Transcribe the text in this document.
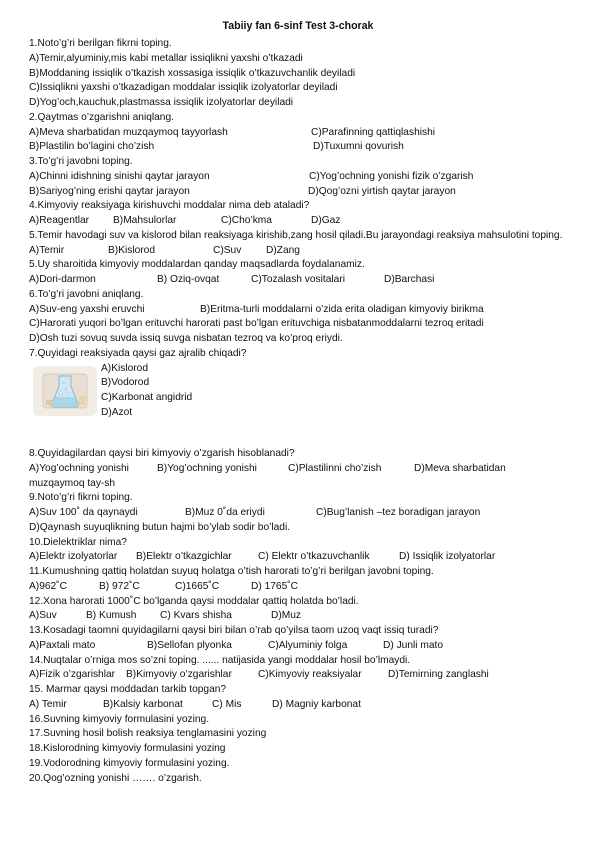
Tabiiy fan 6-sinf Test 3-chorak
1.Noto’g’ri berilgan fikrni toping.
A)Temir,alyuminiy,mis kabi metallar issiqlikni yaxshi o’tkazadi
B)Moddaning issiqlik o’tkazish xossasiga issiqlik o’tkazuvchanlik deyiladi
C)Issiqlikni yaxshi o’tkazadigan moddalar issiqlik izolyatorlar deyiladi
D)Yog’och,kauchuk,plastmassa issiqlik izolyatorlar deyiladi
2.Qaytmas o’zgarishni aniqlang.
A)Meva sharbatidan muzqaymoq tayyorlash	C)Parafinning qattiqlashishi
B)Plastilin bo’lagini cho’zish	D)Tuxumni qovurish
3.To’g’ri javobni toping.
A)Chinni idishning sinishi qaytar jarayon	C)Yog’ochning yonishi fizik o’zgarish
B)Sariyog’ning erishi qaytar jarayon	D)Qog’ozni yirtish qaytar jarayon
4.Kimyoviy reaksiyaga kirishuvchi moddalar nima deb ataladi?
A)Reagentlar B)Mahsulorlar	C)Cho’kma	D)Gaz
5.Temir havodagi suv va kislorod bilan reaksiyaga kirishib,zang hosil qiladi.Bu jarayondagi reaksiya mahsulotini toping.
A)Temir	B)Kislorod	C)Suv D)Zang
5.Uy sharoitida kimyoviy moddalardan qanday maqsadlarda foydalanamiz.
A)Dori-darmon	B) Oziq-ovqat	C)Tozalash vositalari	D)Barchasi
6.To’g’ri javobni aniqlang.
A)Suv-eng yaxshi eruvchi	B)Eritma-turli moddalarni o’zida erita oladigan kimyoviy birikma
C)Harorati yuqori bo’lgan erituvchi harorati past bo’lgan erituvchiga nisbatanmoddalarni tezroq eritadi
D)Osh tuzi sovuq suvda issiq suvga nisbatan tezroq va ko’proq eriydi.
7.Quyidagi reaksiyada qaysi gaz ajralib chiqadi?
A)Kislorod
B)Vodorod
C)Karbonat angidrid
D)Azot
8.Quyidagilardan qaysi biri kimyoviy o’zgarish hisoblanadi?
A)Yog’ochning yonishi	B)Yog’ochning yonishi	C)Plastilinni cho’zish	D)Meva sharbatidan
muzqaymoq tay-sh
9.Noto’g’ri fikrni toping.
A)Suv 100˚ da qaynaydi	B)Muz 0˚da eriydi	C)Bug’lanish –tez boradigan jarayon
D)Qaynash suyuqlikning butun hajmi bo’ylab sodir bo’ladi.
10.Dielektriklar nima?
A)Elektr izolyatorlar B)Elektr o’tkazgichlar	C) Elektr o’tkazuvchanlik	D) Issiqlik izolyatorlar
11.Kumushning qattiq holatdan suyuq holatga o’tish harorati to’g’ri berilgan javobni toping.
A)962˚C	B) 972˚C	C)1665˚C	D) 1765˚C
12.Xona harorati 1000˚C bo’lganda qaysi moddalar qattiq holatda bo’ladi.
A)Suv	B) Kumush C) Kvars shisha	D)Muz
13.Kosadagi taomni quyidagilarni qaysi biri bilan o’rab qo’yilsa taom uzoq vaqt issiq turadi?
A)Paxtali mato	B)Sellofan plyonka	C)Alyuminiy folga	D) Junli mato
14.Nuqtalar o’rniga mos so’zni toping. ...... natijasida yangi moddalar hosil bo’lmaydi.
A)Fizik o’zgarishlar B)Kimyoviy o’zgarishlar	C)Kimyoviy reaksiyalar	D)Temirning zanglashi
15. Marmar qaysi moddadan tarkib topgan?
A) Temir	B)Kalsiy karbonat	C) Mis	D) Magniy karbonat
16.Suvning kimyoviy formulasini yozing.
17.Suvning hosil bolish reaksiya tenglamasini yozing
18.Kislorodning kimyoviy formulasini yozing
19.Vodorodning kimyoviy formulasini yozing.
20.Qog’ozning yonishi ……. o’zgarish.
